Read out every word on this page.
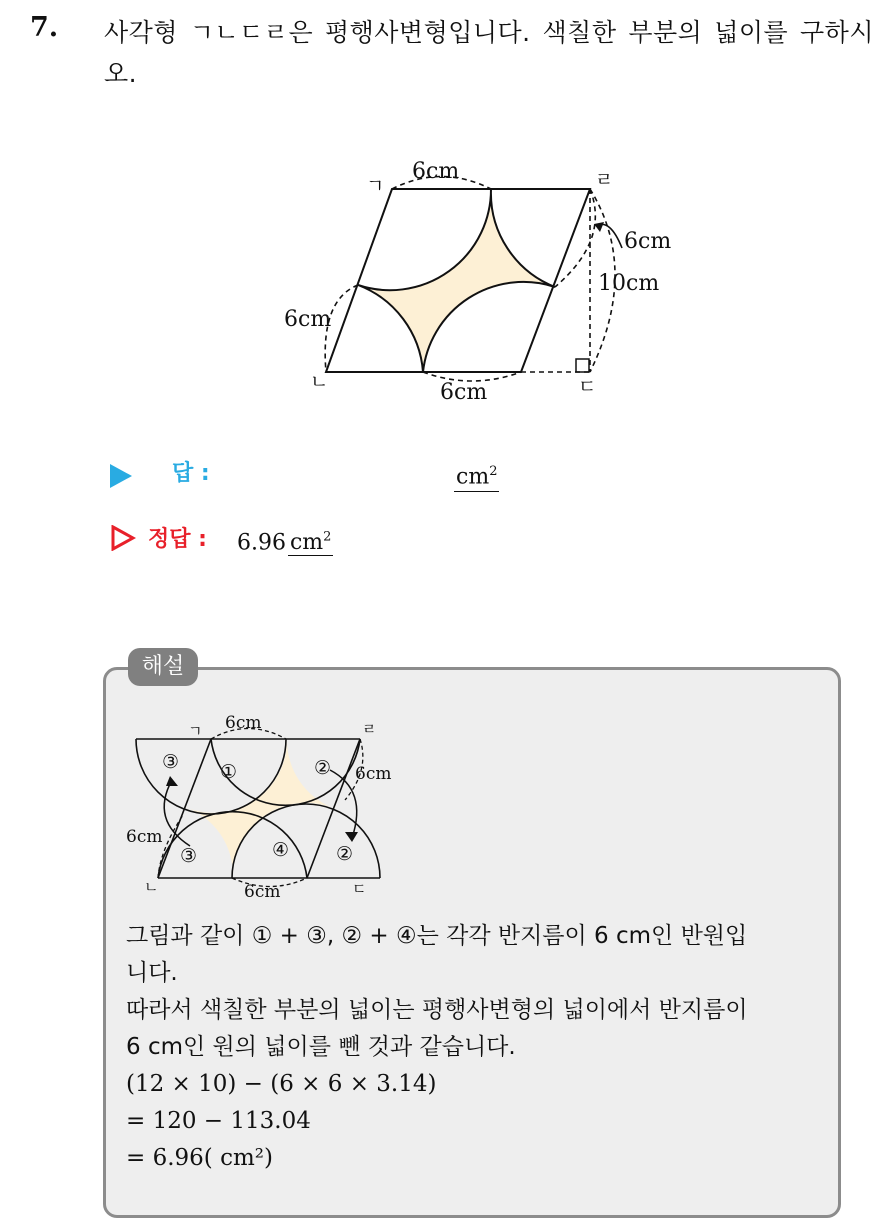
7. 사각형 ㄱㄴㄷㄹ은 평행사변형입니다. 색칠한 부분의 넓이를 구하시오.
ㄱ	ㄹ
ㄴ	ㄷ
6cm
6cm
10cm
6cm
6cm
답 :	$cm^2$
정답 : 6.96 $cm^2$
해설
ㄱ	ㄹ
ㄴ	ㄷ
6cm
6cm
6cm
6cm
③ ①	②
③	④ ②
그림과 같이 ① + ③, ② + ④는 각각 반지름이 6 cm인 반원입
니다.
따라서 색칠한 부분의 넓이는 평행사변형의 넓이에서 반지름이
6 cm인 원의 넓이를 뺀 것과 같습니다.
(12 × 10) − (6 × 6 × 3.14)
= 120 − 113.04
= 6.96( cm²)
